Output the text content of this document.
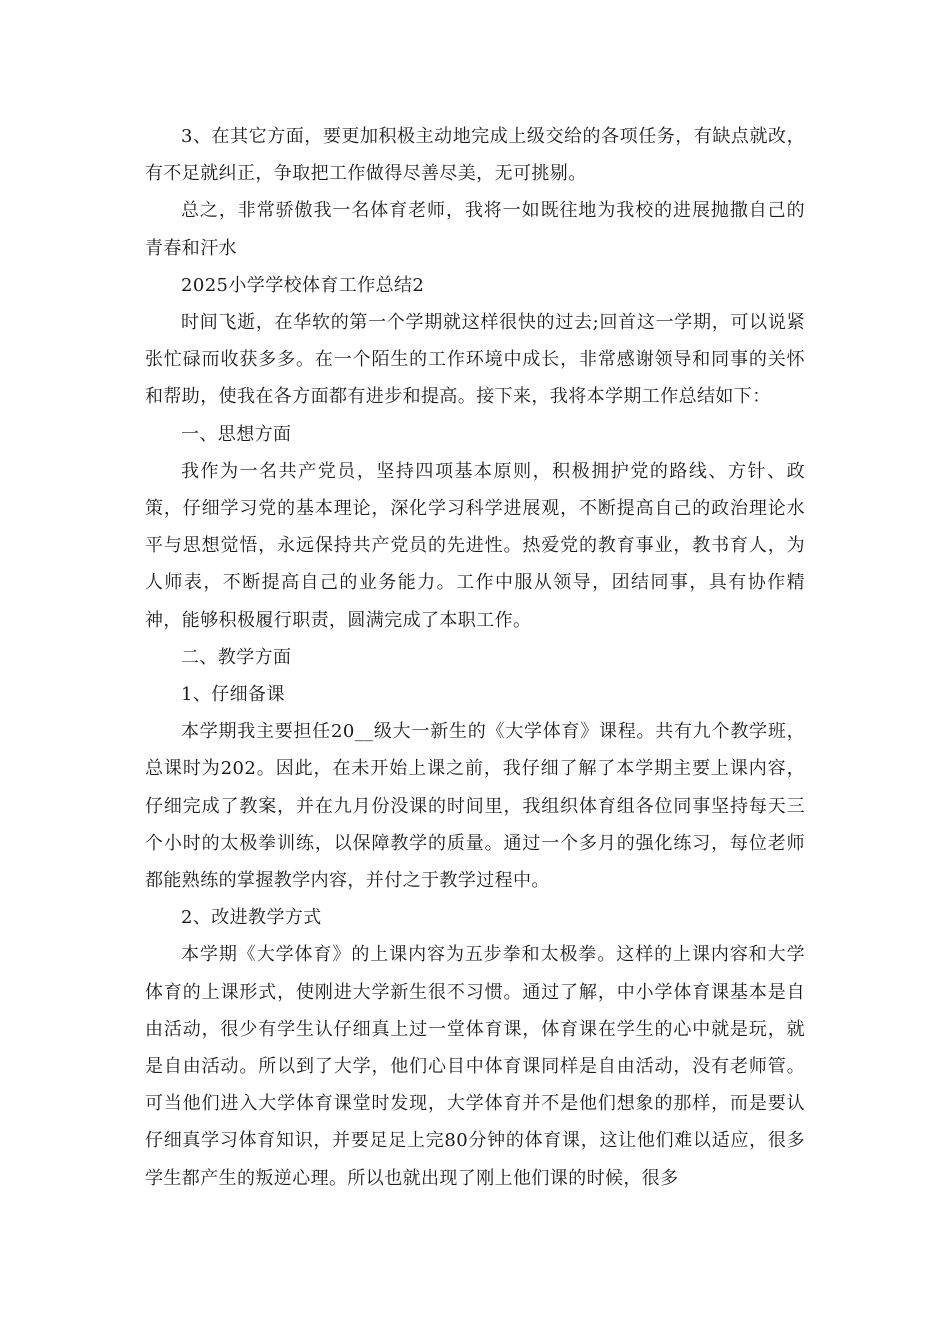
3、在其它方面，要更加积极主动地完成上级交给的各项任务，有缺点就改，有不足就纠正，争取把工作做得尽善尽美，无可挑剔。

总之，非常骄傲我一名体育老师，我将一如既往地为我校的进展抛撒自己的青春和汗水

2025小学学校体育工作总结2

时间飞逝，在华软的第一个学期就这样很快的过去;回首这一学期，可以说紧张忙碌而收获多多。在一个陌生的工作环境中成长，非常感谢领导和同事的关怀和帮助，使我在各方面都有进步和提高。接下来，我将本学期工作总结如下：

一、思想方面

我作为一名共产党员，坚持四项基本原则，积极拥护党的路线、方针、政策，仔细学习党的基本理论，深化学习科学进展观，不断提高自己的政治理论水平与思想觉悟，永远保持共产党员的先进性。热爱党的教育事业，教书育人，为人师表，不断提高自己的业务能力。工作中服从领导，团结同事，具有协作精神，能够积极履行职责，圆满完成了本职工作。

二、教学方面

1、仔细备课

本学期我主要担任20__级大一新生的《大学体育》课程。共有九个教学班，总课时为202。因此，在未开始上课之前，我仔细了解了本学期主要上课内容，仔细完成了教案，并在九月份没课的时间里，我组织体育组各位同事坚持每天三个小时的太极拳训练，以保障教学的质量。通过一个多月的强化练习，每位老师都能熟练的掌握教学内容，并付之于教学过程中。

2、改进教学方式

本学期《大学体育》的上课内容为五步拳和太极拳。这样的上课内容和大学体育的上课形式，使刚进大学新生很不习惯。通过了解，中小学体育课基本是自由活动，很少有学生认仔细真上过一堂体育课，体育课在学生的心中就是玩，就是自由活动。所以到了大学，他们心目中体育课同样是自由活动，没有老师管。可当他们进入大学体育课堂时发现，大学体育并不是他们想象的那样，而是要认仔细真学习体育知识，并要足足上完80分钟的体育课，这让他们难以适应，很多学生都产生的叛逆心理。所以也就出现了刚上他们课的时候，很多
